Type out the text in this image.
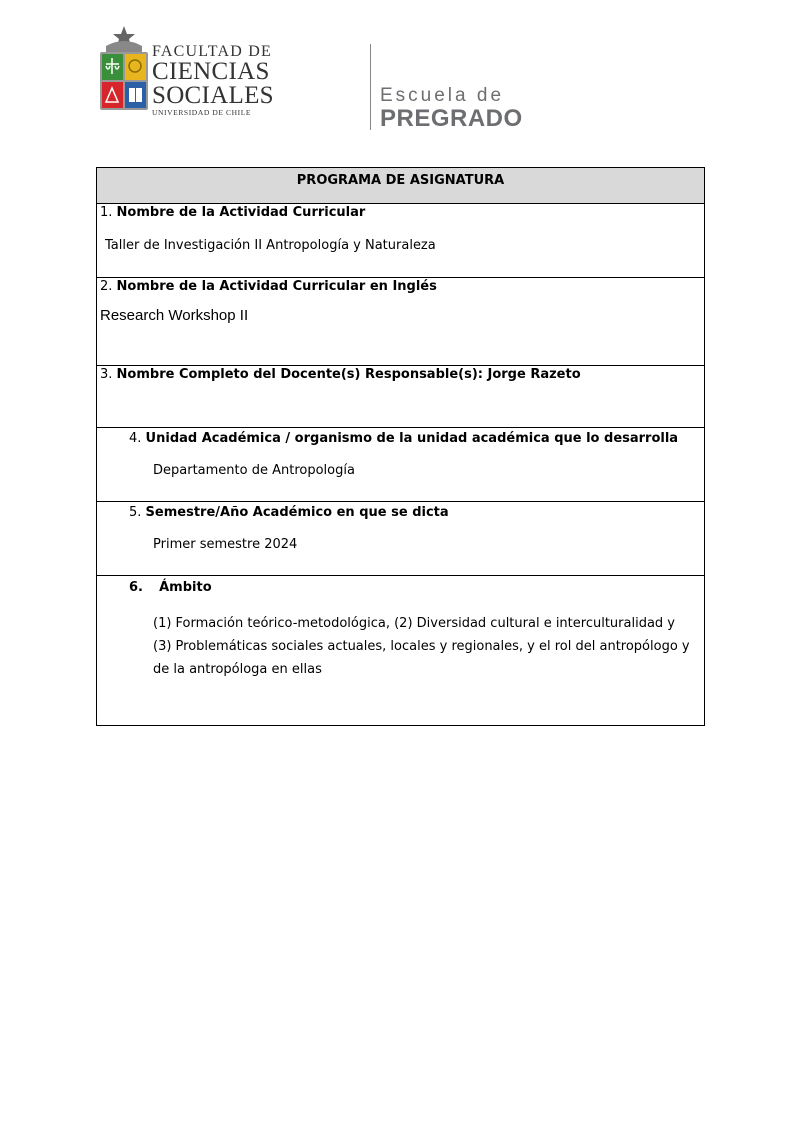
FACULTAD DE
CIENCIAS
SOCIALES
UNIVERSIDAD DE CHILE
Escuela de
PREGRADO
PROGRAMA DE ASIGNATURA

1. Nombre de la Actividad Curricular
Taller de Investigación II Antropología y Naturaleza

2. Nombre de la Actividad Curricular en Inglés
Research Workshop II

3. Nombre Completo del Docente(s) Responsable(s): Jorge Razeto

4. Unidad Académica / organismo de la unidad académica que lo desarrolla
Departamento de Antropología

5. Semestre/Año Académico en que se dicta
Primer semestre 2024

6. Ámbito
(1) Formación teórico-metodológica, (2) Diversidad cultural e interculturalidad y
(3) Problemáticas sociales actuales, locales y regionales, y el rol del antropólogo y
de la antropóloga en ellas
